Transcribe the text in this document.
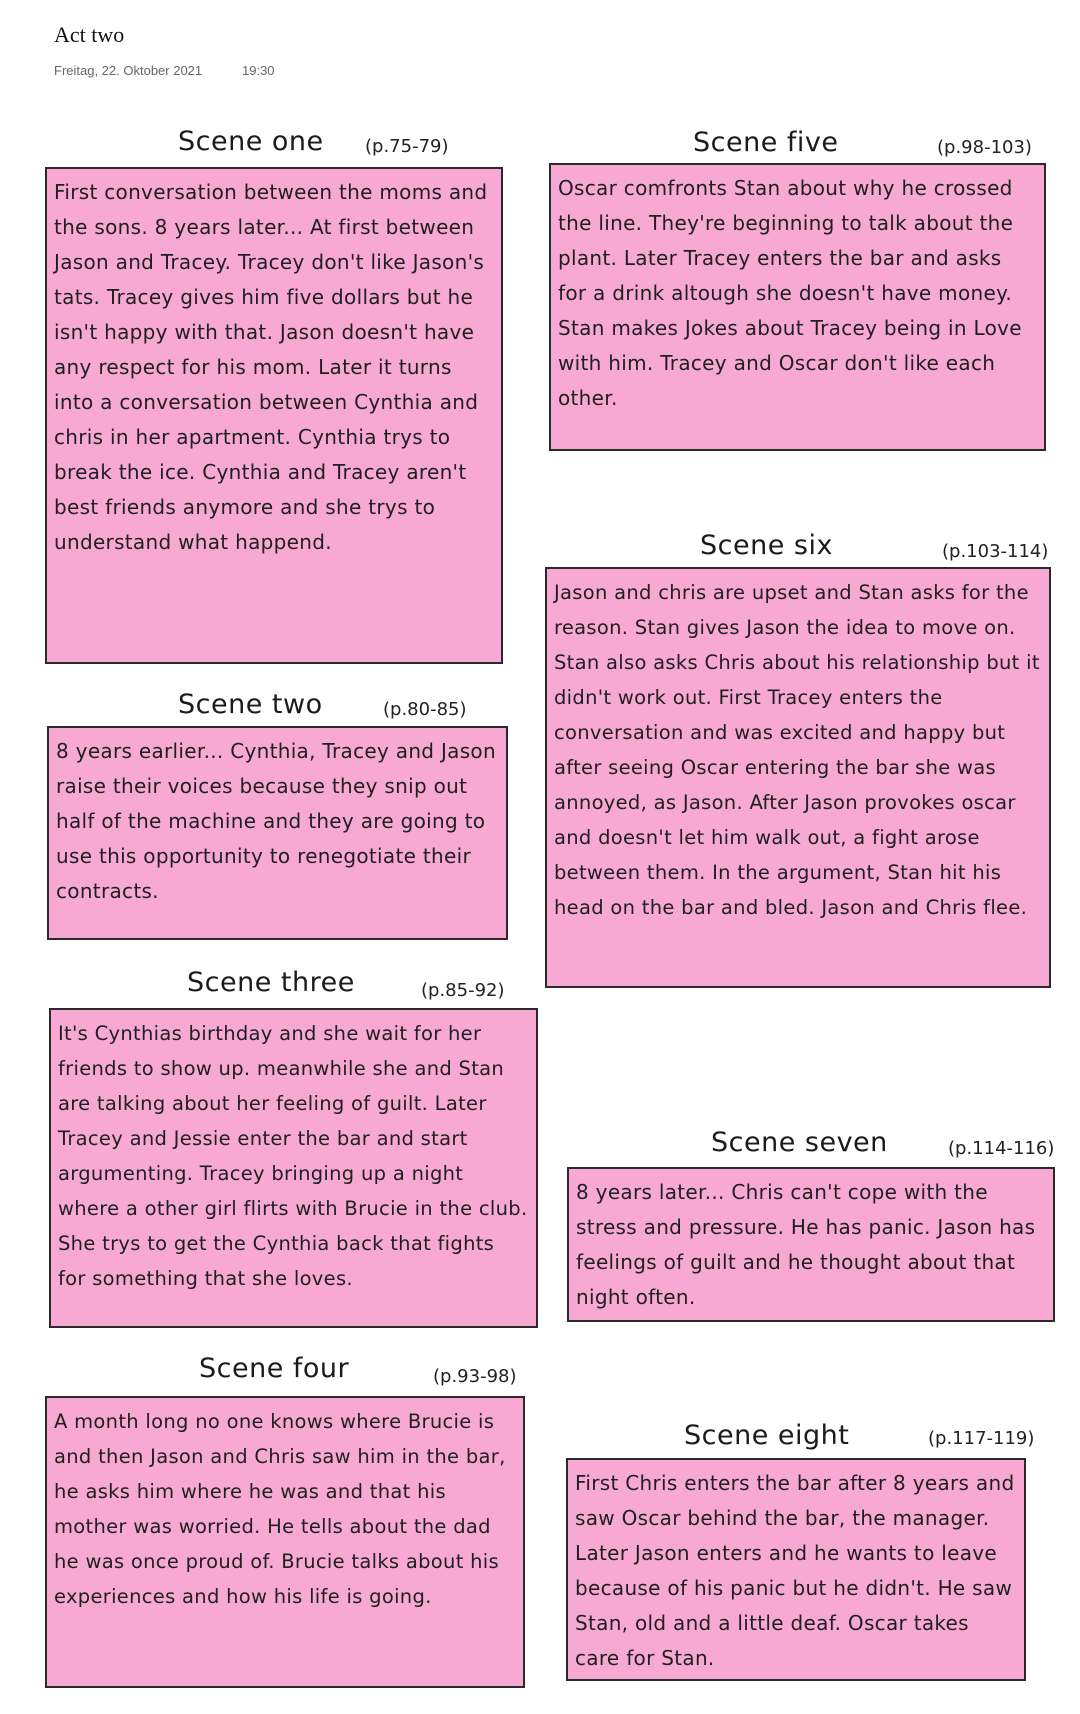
Act two
Freitag, 22. Oktober 2021	19:30
Scene one (p.75-79)

First conversation between the moms and the sons. 8 years later... At first between Jason and Tracey. Tracey don't like Jason's tats. Tracey gives him five dollars but he isn't happy with that. Jason doesn't have any respect for his mom. Later it turns into a conversation between Cynthia and chris in her apartment. Cynthia trys to break the ice. Cynthia and Tracey aren't best friends anymore and she trys to understand what happend.

Scene two	(p.80-85)

8 years earlier... Cynthia, Tracey and Jason raise their voices because they snip out half of the machine and they are going to use this opportunity to renegotiate their contracts.

Scene three	(p.85-92)

It's Cynthias birthday and she wait for her friends to show up. meanwhile she and Stan are talking about her feeling of guilt. Later Tracey and Jessie enter the bar and start argumenting. Tracey bringing up a night where a other girl flirts with Brucie in the club. She trys to get the Cynthia back that fights for something that she loves.

Scene four	(p.93-98)

A month long no one knows where Brucie is and then Jason and Chris saw him in the bar, he asks him where he was and that his mother was worried. He tells about the dad he was once proud of. Brucie talks about his experiences and how his life is going.

Scene five	(p.98-103)

Oscar comfronts Stan about why he crossed the line. They're beginning to talk about the plant. Later Tracey enters the bar and asks for a drink altough she doesn't have money. Stan makes Jokes about Tracey being in Love with him. Tracey and Oscar don't like each other.

Scene six	(p.103-114)

Jason and chris are upset and Stan asks for the reason. Stan gives Jason the idea to move on. Stan also asks Chris about his relationship but it didn't work out. First Tracey enters the conversation and was excited and happy but after seeing Oscar entering the bar she was annoyed, as Jason. After Jason provokes oscar and doesn't let him walk out, a fight arose between them. In the argument, Stan hit his head on the bar and bled. Jason and Chris flee.

Scene seven	(p.114-116)

8 years later... Chris can't cope with the stress and pressure. He has panic. Jason has feelings of guilt and he thought about that night often.

Scene eight	(p.117-119)

First Chris enters the bar after 8 years and saw Oscar behind the bar, the manager. Later Jason enters and he wants to leave because of his panic but he didn't. He saw Stan, old and a little deaf. Oscar takes care for Stan.
